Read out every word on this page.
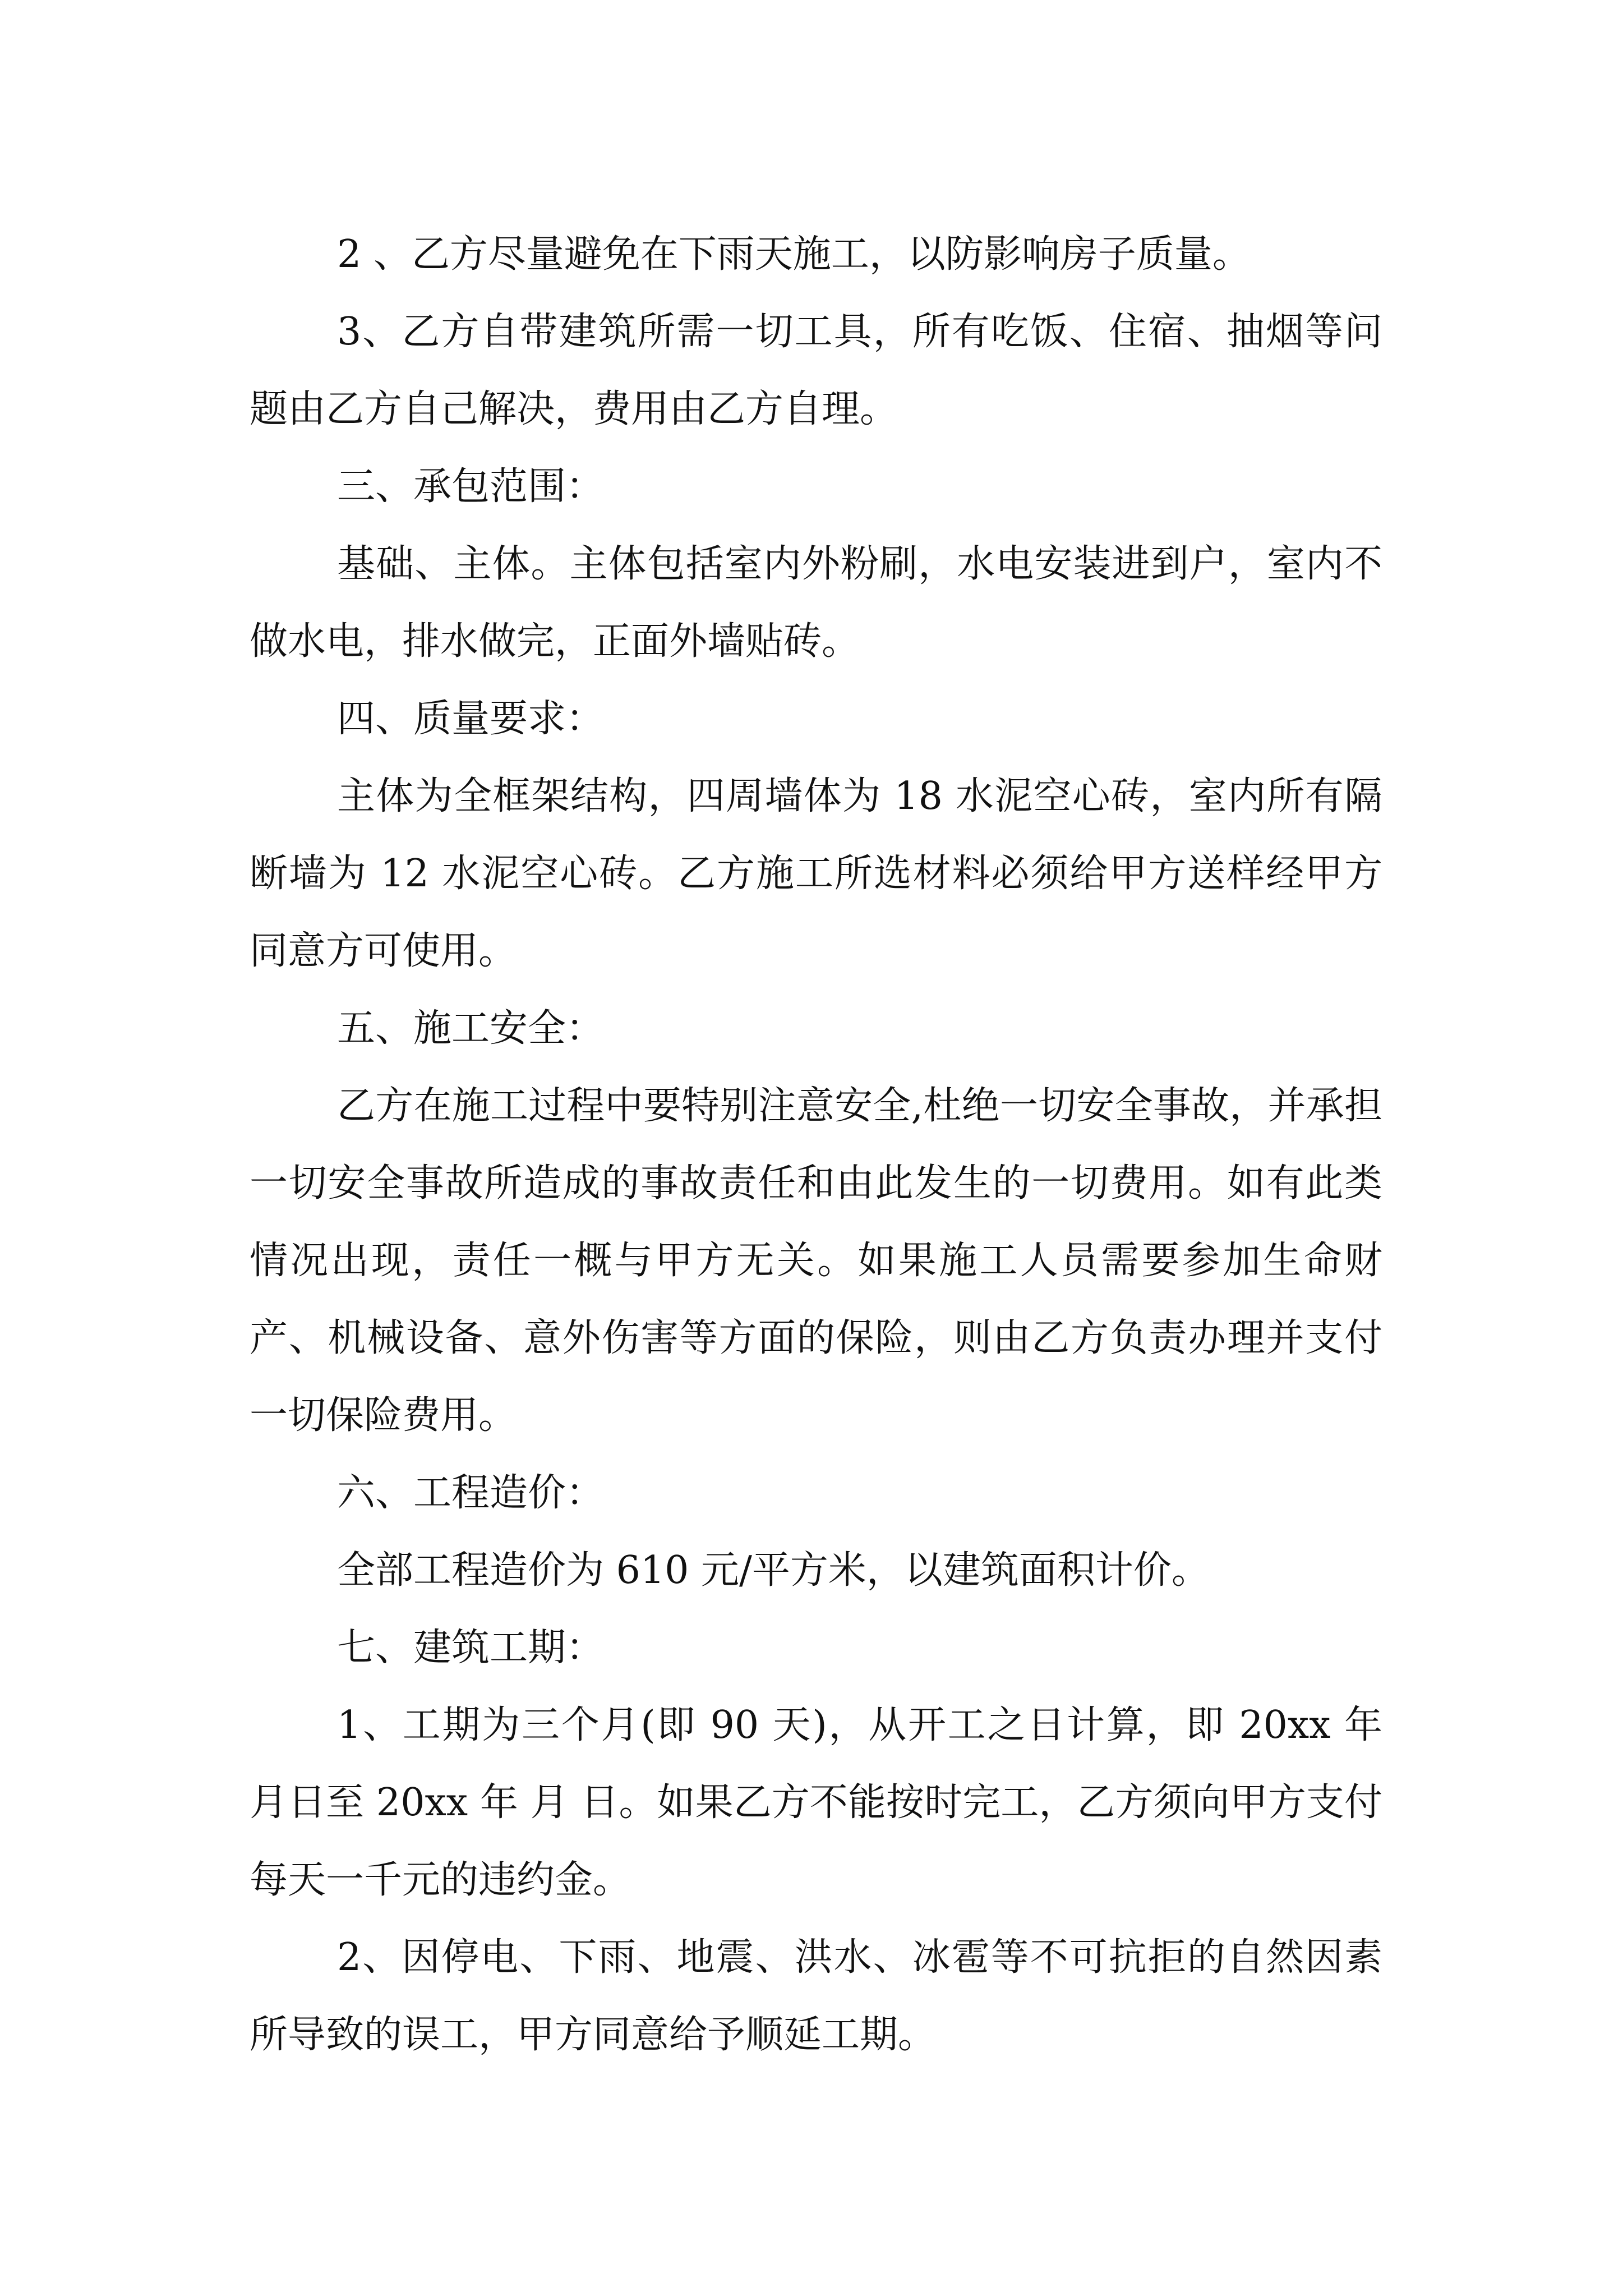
2 、乙方尽量避免在下雨天施工，以防影响房子质量。

3、乙方自带建筑所需一切工具，所有吃饭、住宿、抽烟等问题由乙方自己解决，费用由乙方自理。

三、承包范围：

基础、主体。主体包括室内外粉刷，水电安装进到户，室内不做水电，排水做完，正面外墙贴砖。

四、质量要求：

主体为全框架结构，四周墙体为 18 水泥空心砖，室内所有隔断墙为 12 水泥空心砖。乙方施工所选材料必须给甲方送样经甲方同意方可使用。

五、施工安全：

乙方在施工过程中要特别注意安全,杜绝一切安全事故，并承担一切安全事故所造成的事故责任和由此发生的一切费用。如有此类情况出现，责任一概与甲方无关。如果施工人员需要参加生命财产、机械设备、意外伤害等方面的保险，则由乙方负责办理并支付一切保险费用。

六、工程造价：

全部工程造价为 610 元/平方米，以建筑面积计价。

七、建筑工期：

1、工期为三个月(即 90 天)，从开工之日计算，即 20xx 年 月日至 20xx 年 月 日。如果乙方不能按时完工，乙方须向甲方支付每天一千元的违约金。

2、因停电、下雨、地震、洪水、冰雹等不可抗拒的自然因素所导致的误工，甲方同意给予顺延工期。
